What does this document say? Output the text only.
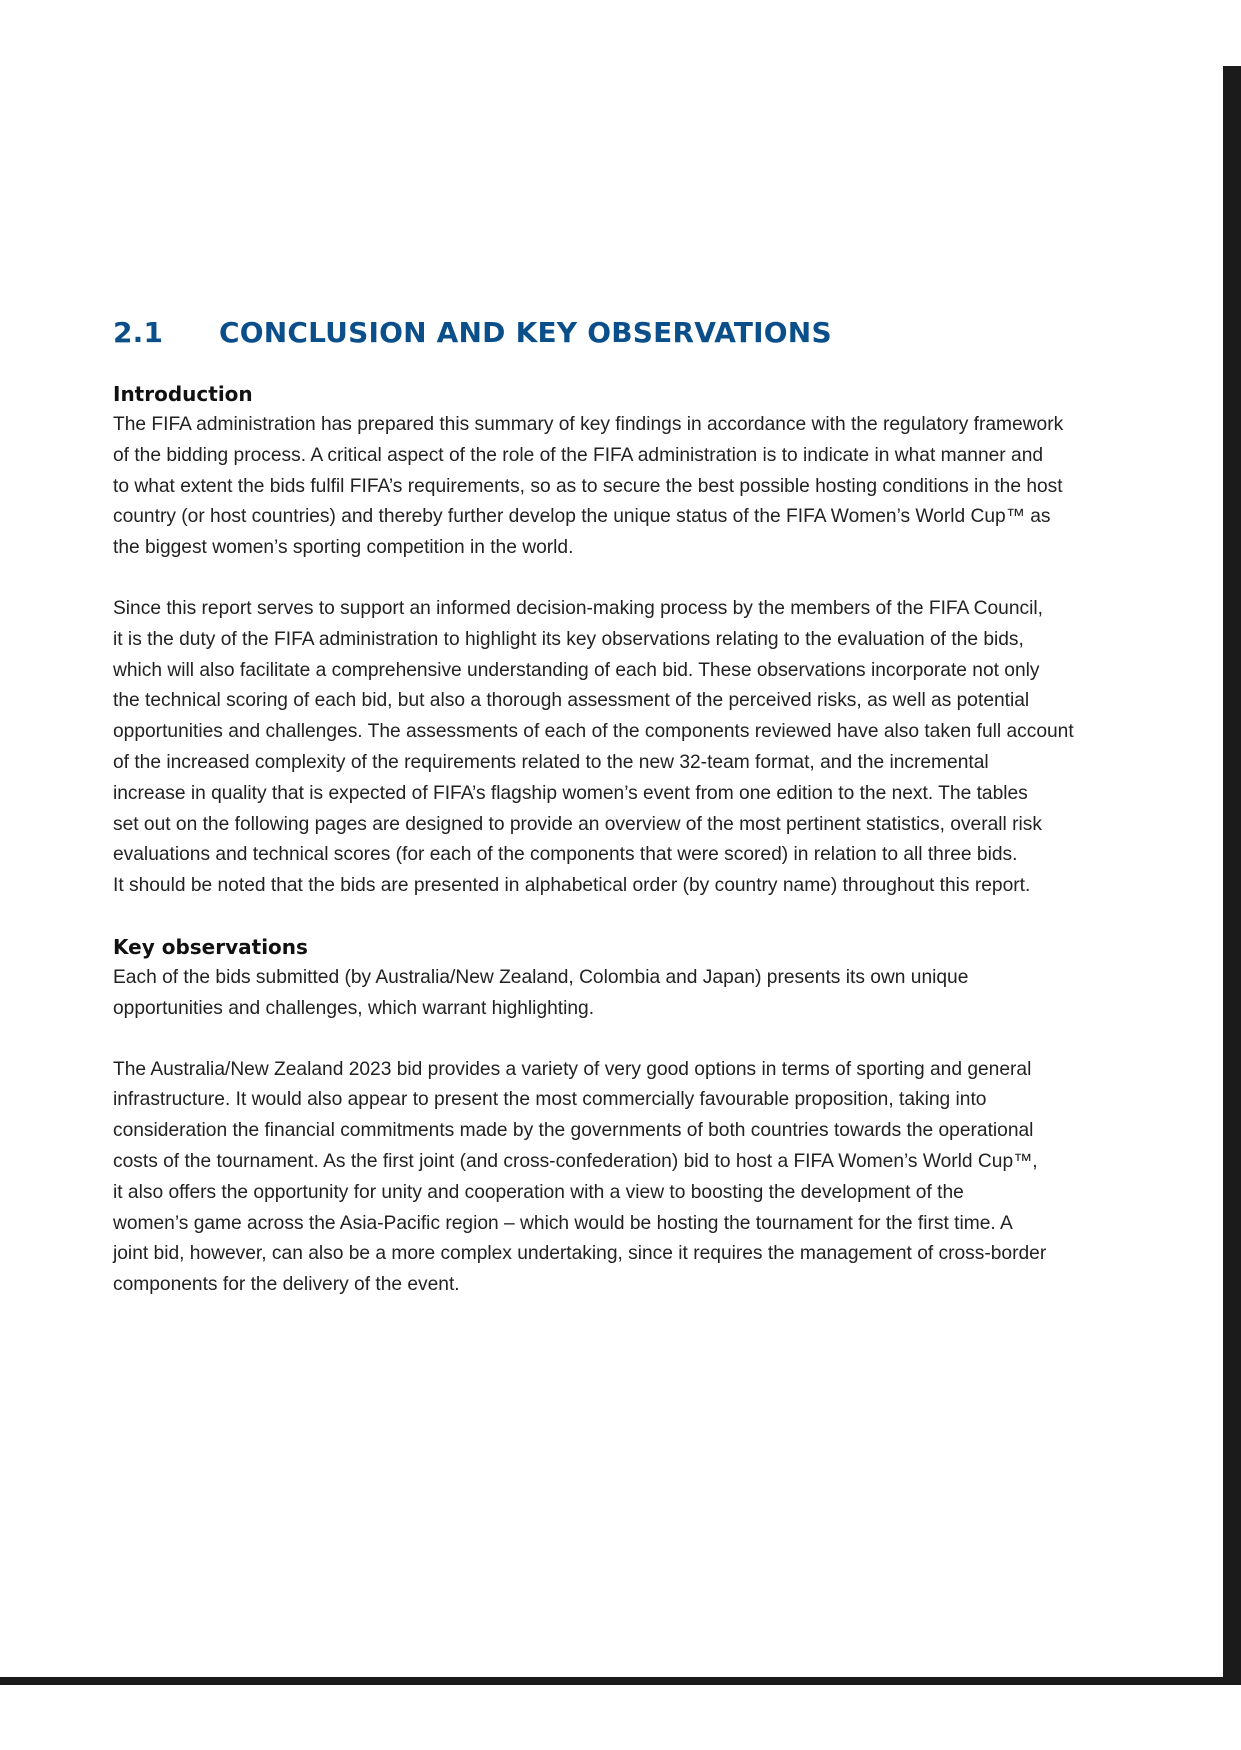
2.1	CONCLUSION AND KEY OBSERVATIONS
Introduction

The FIFA administration has prepared this summary of key findings in accordance with the regulatory framework
of the bidding process. A critical aspect of the role of the FIFA administration is to indicate in what manner and
to what extent the bids fulfil FIFA’s requirements, so as to secure the best possible hosting conditions in the host
country (or host countries) and thereby further develop the unique status of the FIFA Women’s World Cup™ as
the biggest women’s sporting competition in the world.

Since this report serves to support an informed decision-making process by the members of the FIFA Council,
it is the duty of the FIFA administration to highlight its key observations relating to the evaluation of the bids,
which will also facilitate a comprehensive understanding of each bid. These observations incorporate not only
the technical scoring of each bid, but also a thorough assessment of the perceived risks, as well as potential
opportunities and challenges. The assessments of each of the components reviewed have also taken full account
of the increased complexity of the requirements related to the new 32-team format, and the incremental
increase in quality that is expected of FIFA’s flagship women’s event from one edition to the next. The tables
set out on the following pages are designed to provide an overview of the most pertinent statistics, overall risk
evaluations and technical scores (for each of the components that were scored) in relation to all three bids.
It should be noted that the bids are presented in alphabetical order (by country name) throughout this report.

Key observations

Each of the bids submitted (by Australia/New Zealand, Colombia and Japan) presents its own unique
opportunities and challenges, which warrant highlighting.

The Australia/New Zealand 2023 bid provides a variety of very good options in terms of sporting and general
infrastructure. It would also appear to present the most commercially favourable proposition, taking into
consideration the financial commitments made by the governments of both countries towards the operational
costs of the tournament. As the first joint (and cross-confederation) bid to host a FIFA Women’s World Cup™,
it also offers the opportunity for unity and cooperation with a view to boosting the development of the
women’s game across the Asia-Pacific region – which would be hosting the tournament for the first time. A
joint bid, however, can also be a more complex undertaking, since it requires the management of cross-border
components for the delivery of the event.
